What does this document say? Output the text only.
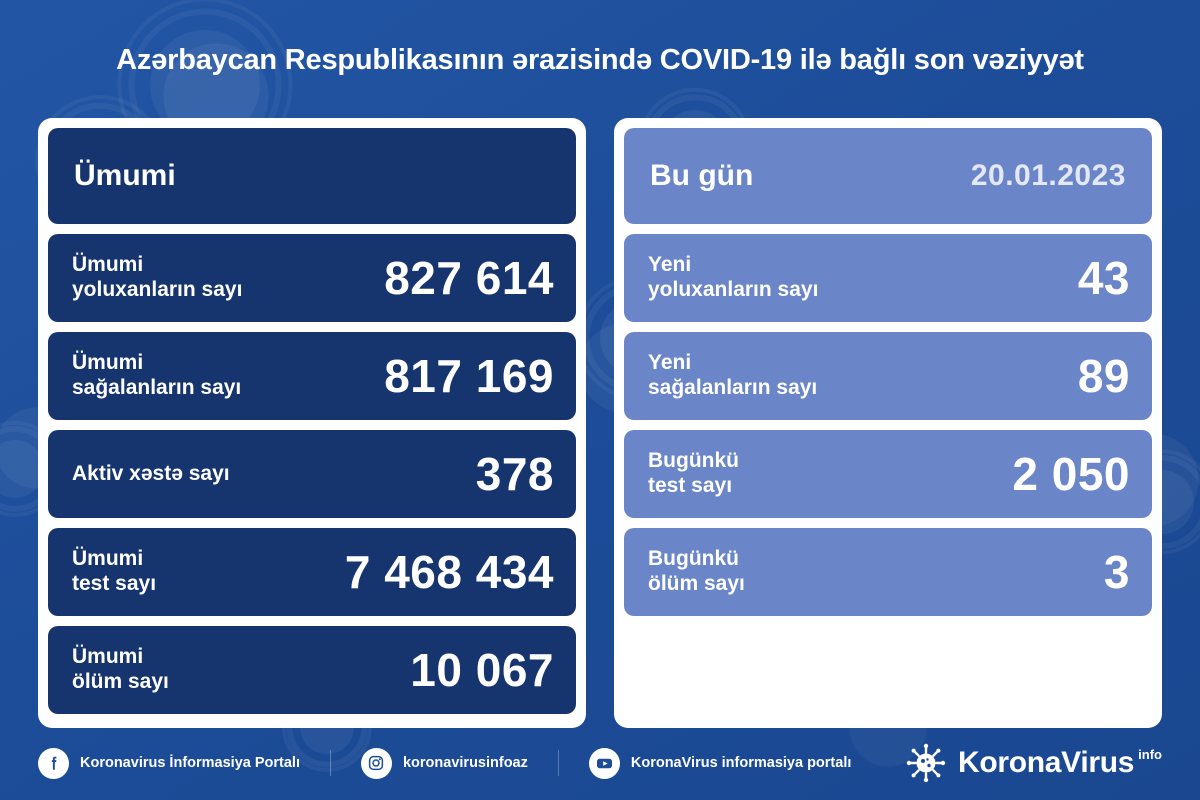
Azərbaycan Respublikasının ərazisində COVID-19 ilə bağlı son vəziyyət
Ümumi
Ümumi
yoluxanların sayı	827 614
Ümumi
sağalanların sayı	817 169
Aktiv xəstə sayı	378
Ümumi
test sayı	7 468 434
Ümumi
ölüm sayı	10 067
Bu gün	20.01.2023
Yeni
yoluxanların sayı	43
Yeni
sağalanların sayı	89
Bugünkü
test sayı	2 050
Bugünkü
ölüm sayı	3
Koronavirus İnformasiya Portalı	koronavirusinfoaz	KoronaVirus informasiya portalı	KoronaVirus info
